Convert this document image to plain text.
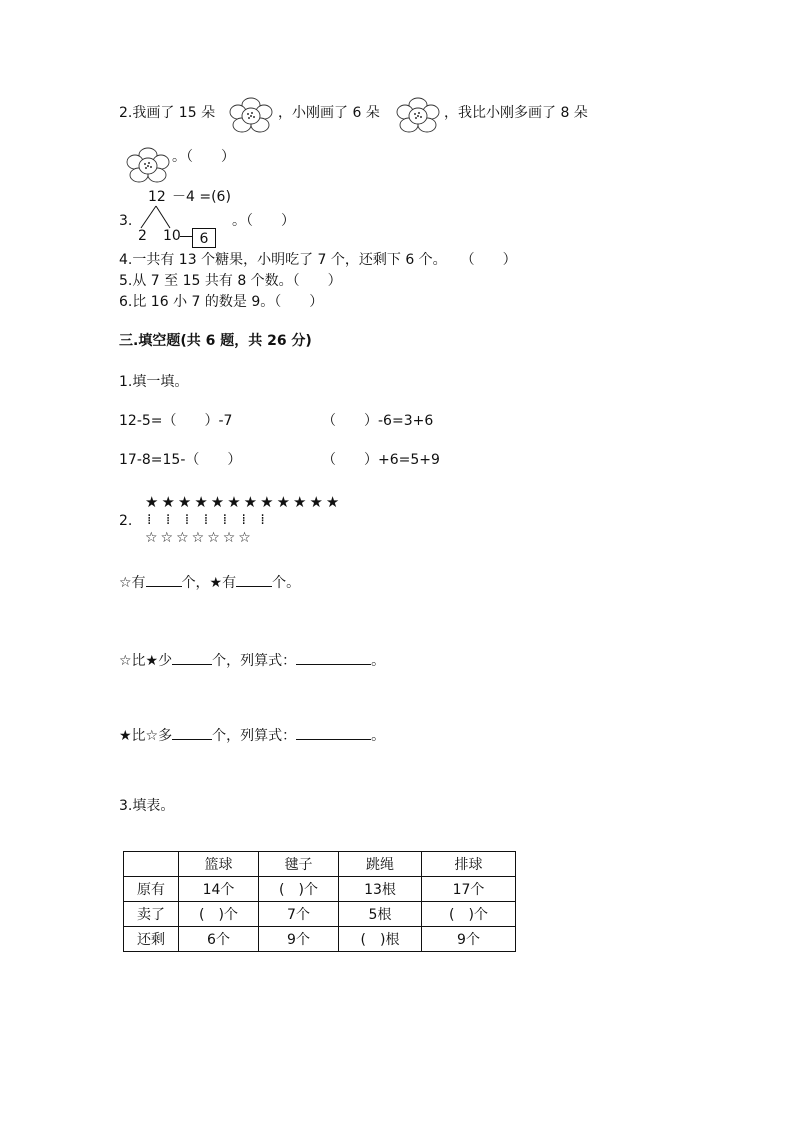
2.我画了 15 朵	，小刚画了 6 朵	，我比小刚多画了 8 朵
。（　　）
12 －4 =(6)
3.	。（　　）
2 10	6
4.一共有 13 个糖果，小明吃了 7 个，还剩下 6 个。　　（　　）
5.从 7 至 15 共有 8 个数。（　　）
6.比 16 小 7 的数是 9。（　　）
三.填空题(共 6 题，共 26 分)
1.填一填。
12-5=（　　）-7	（　　）-6=3+6
17-8=15-（　　）	（　　）+6=5+9
★★★★★★★★★★★★
2. ⁞ ⁞ ⁞ ⁞ ⁞ ⁞ ⁞
☆☆☆☆☆☆☆
☆有	个，★有	个。
☆比★少	个，列算式：	。
★比☆多	个，列算式：	。
3.填表。
	篮球	毽子	跳绳	排球
原有	14个	(　)个	13根	17个
卖了	(　)个	7个	5根	(　)个
还剩	6个	9个	(　)根	9个
